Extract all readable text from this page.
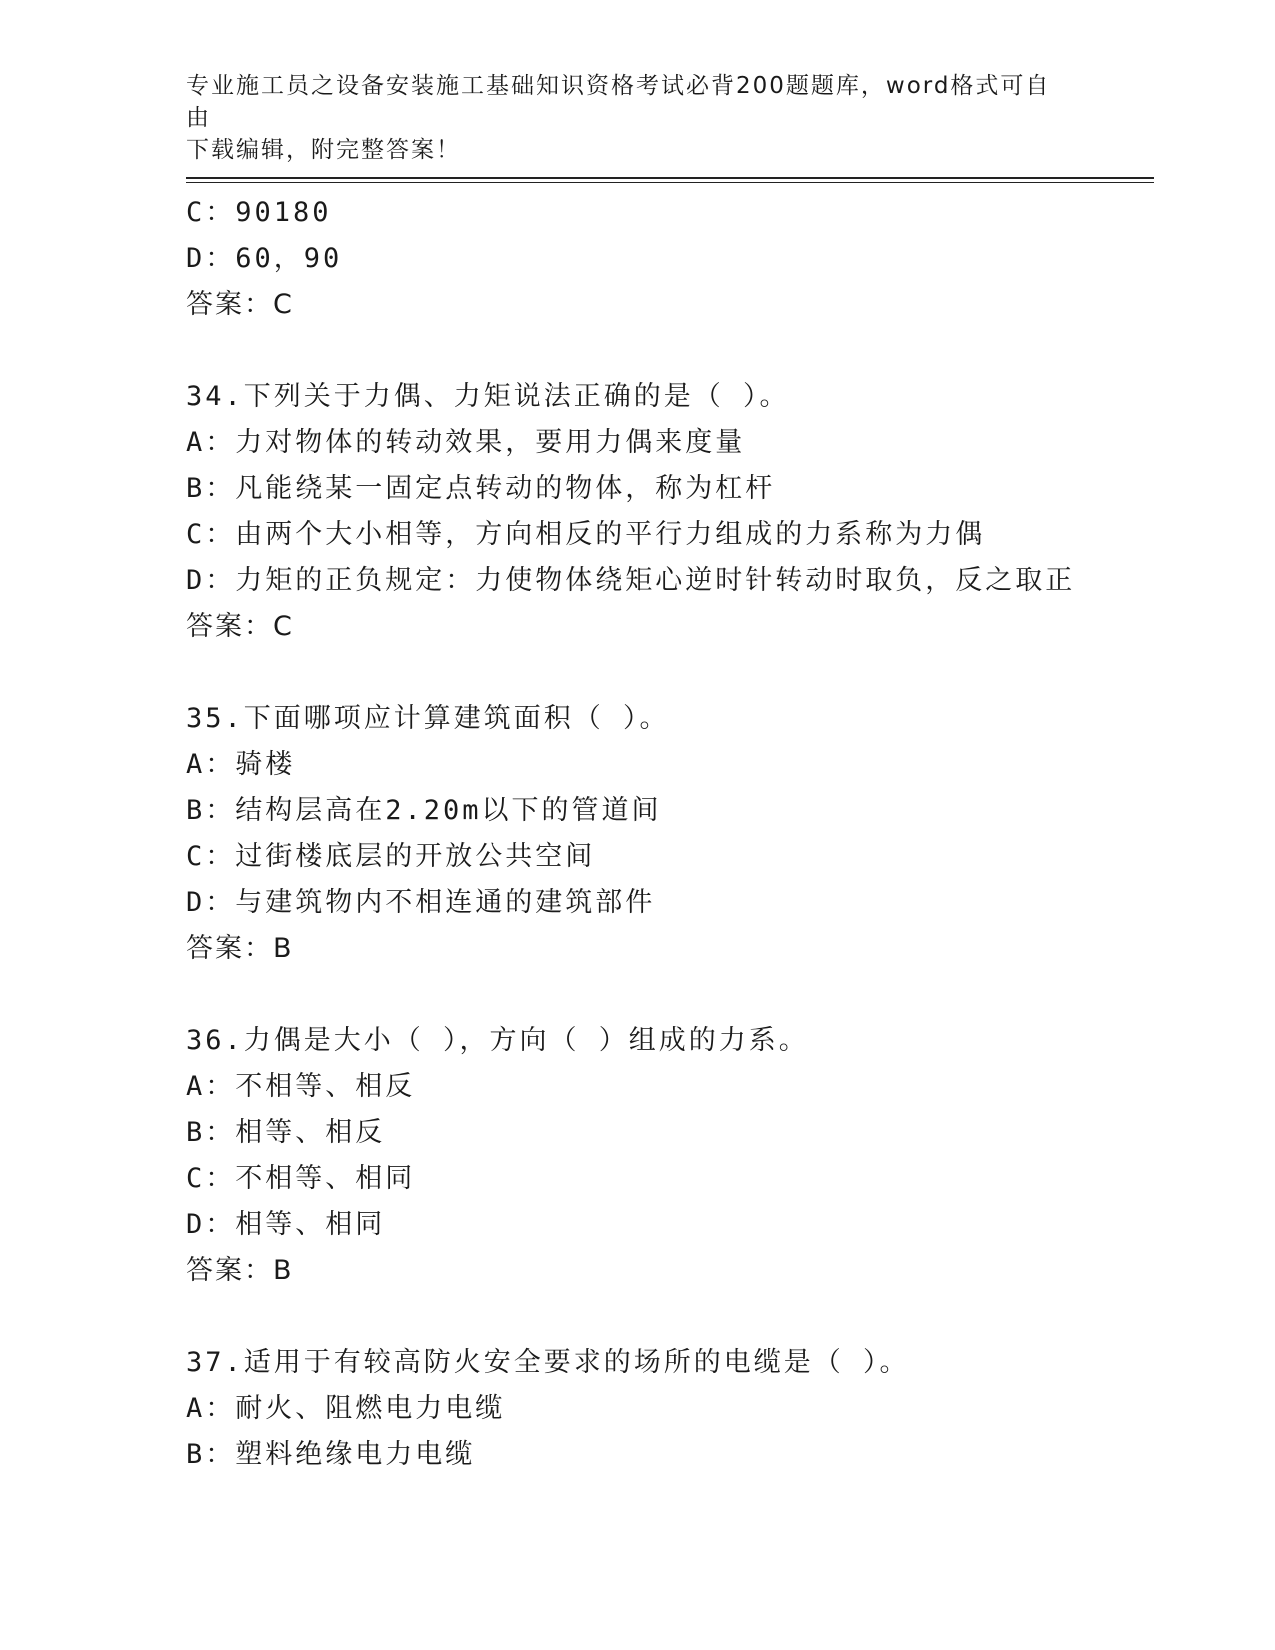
专业施工员之设备安装施工基础知识资格考试必背200题题库，word格式可自由
下载编辑，附完整答案！
C：90180
D：60，90
答案：C
34.下列关于力偶、力矩说法正确的是（ ）。
A：力对物体的转动效果，要用力偶来度量
B：凡能绕某一固定点转动的物体，称为杠杆
C：由两个大小相等，方向相反的平行力组成的力系称为力偶
D：力矩的正负规定：力使物体绕矩心逆时针转动时取负，反之取正
答案：C
35.下面哪项应计算建筑面积（ ）。
A：骑楼
B：结构层高在2.20m以下的管道间
C：过街楼底层的开放公共空间
D：与建筑物内不相连通的建筑部件
答案：B
36.力偶是大小（ ），方向（ ）组成的力系。
A：不相等、相反
B：相等、相反
C：不相等、相同
D：相等、相同
答案：B
37.适用于有较高防火安全要求的场所的电缆是（ ）。
A：耐火、阻燃电力电缆
B：塑料绝缘电力电缆
